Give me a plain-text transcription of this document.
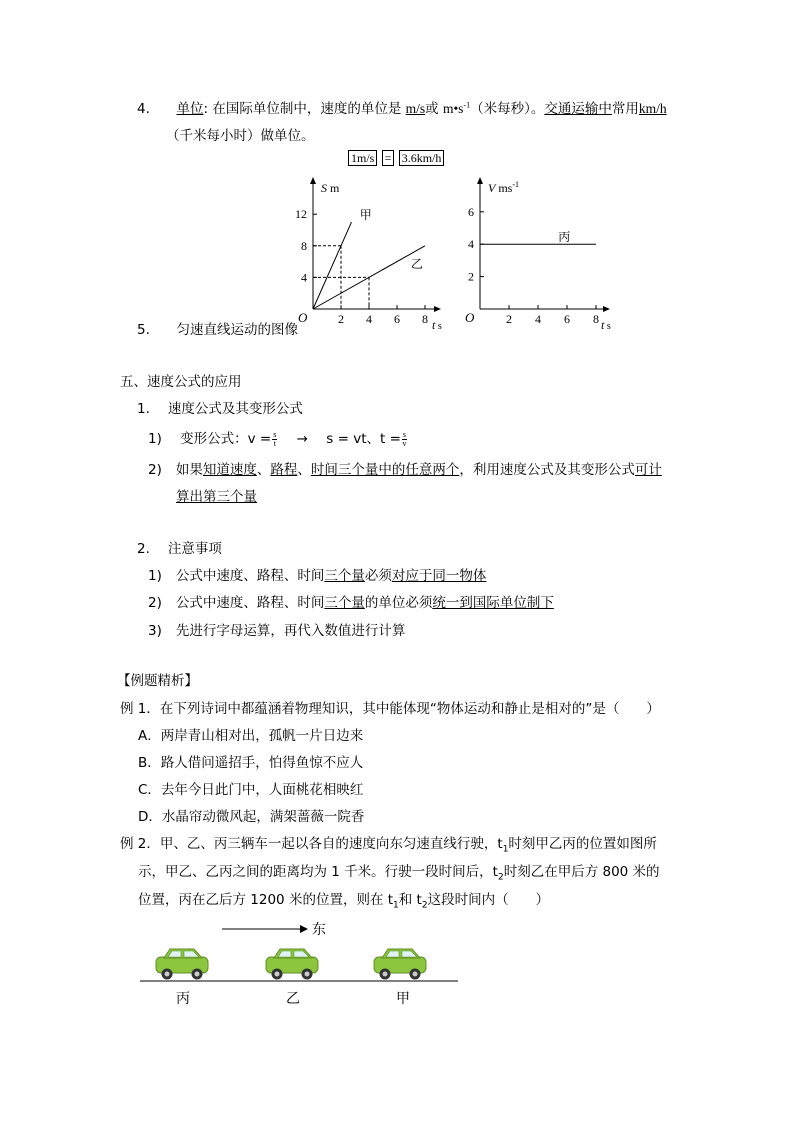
4. 单位: 在国际单位制中，速度的单位是 m/s或 $m•s^{-1}$（米每秒）。交通运输中常用km/h
（千米每小时）做单位。
1m/s = 3.6km/h
5. 匀速直线运动的图像
2 4 6 8
4
8
12
O
S m
t s
甲
乙
2 4 6 8
2
4
6
O
V $ms^{-1}$
t s
丙
五、速度公式的应用
1. 速度公式及其变形公式
1) 变形公式：$v = \frac{s}{t} \to s$ = vt、$t = \frac{s}{v}$
2) 如果知道速度、路程、时间三个量中的任意两个，利用速度公式及其变形公式可计
算出第三个量
2. 注意事项
1) 公式中速度、路程、时间三个量必须对应于同一物体
2) 公式中速度、路程、时间三个量的单位必须统一到国际单位制下
3) 先进行字母运算，再代入数值进行计算
【例题精析】
例 1．在下列诗词中都蕴涵着物理知识，其中能体现“物体运动和静止是相对的”是（　　）
A．两岸青山相对出，孤帆一片日边来
B．路人借问遥招手，怕得鱼惊不应人
C．去年今日此门中，人面桃花相映红
D．水晶帘动微风起，满架蔷薇一院香
例 2．甲、乙、丙三辆车一起以各自的速度向东匀速直线行驶，$t_1$时刻甲乙丙的位置如图所
示，甲乙、乙丙之间的距离均为 1 千米。行驶一段时间后，$t_2$时刻乙在甲后方 800 米的
位置，丙在乙后方 1200 米的位置，则在 $t_1$和 $t_2$这段时间内（　　）
东
丙	乙	甲
